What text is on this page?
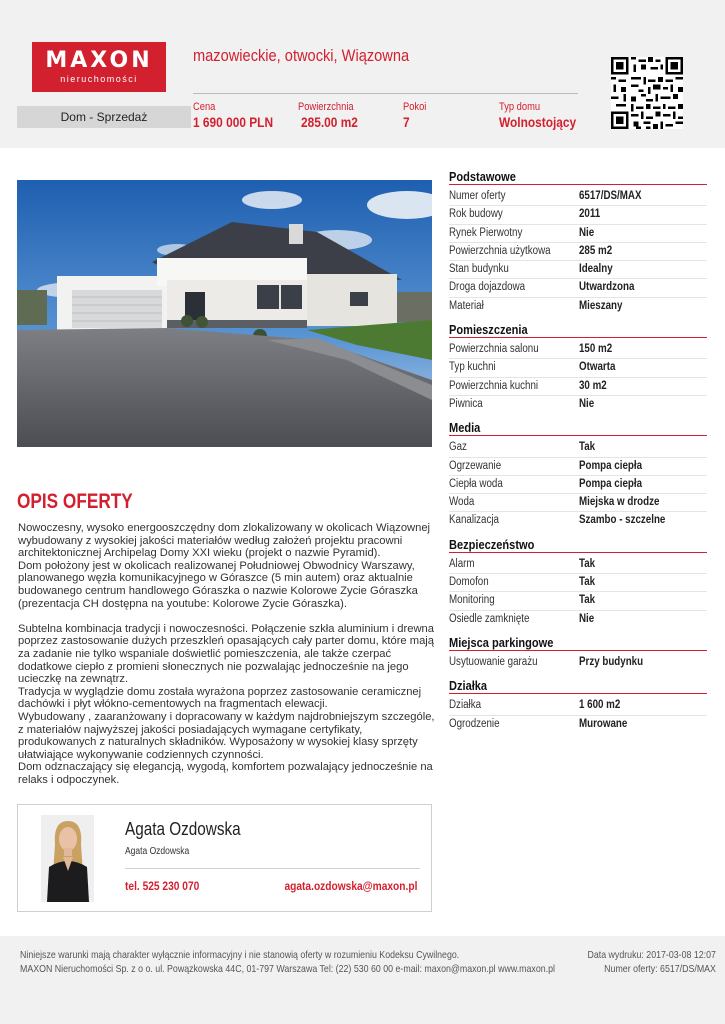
MAXON
nieruchomości
mazowieckie, otwocki, Wiązowna
Dom - Sprzedaż
Cena
1 690 000 PLN
Powierzchnia
285.00 m2
Pokoi
7
Typ domu
Wolnostojący
OPIS OFERTY
Nowoczesny, wysoko energooszczędny dom zlokalizowany w okolicach Wiązownej wybudowany z wysokiej jakości materiałów według założeń projektu pracowni architektonicznej Archipelag Domy XXI wieku (projekt o nazwie Pyramid).
Dom położony jest w okolicach realizowanej Południowej Obwodnicy Warszawy, planowanego węzła komunikacyjnego w Góraszce (5 min autem) oraz aktualnie budowanego centrum handlowego Góraszka o nazwie Kolorowe Zycie Góraszka (prezentacja CH dostępna na youtube: Kolorowe Zycie Góraszka).

Subtelna kombinacja tradycji i nowoczesności. Połączenie szkła aluminium i drewna poprzez zastosowanie dużych przeszkleń opasających cały parter domu, które mają za zadanie nie tylko wspaniale doświetlić pomieszczenia, ale także czerpać dodatkowe ciepło z promieni słonecznych nie pozwalając jednocześnie na jego ucieczkę na zewnątrz.
Tradycja w wyglądzie domu została wyrażona poprzez zastosowanie ceramicznej dachówki i płyt włókno-cementowych na fragmentach elewacji.
Wybudowany , zaaranżowany i dopracowany w każdym najdrobniejszym szczególe, z materiałów najwyższej jakości posiadających wymagane certyfikaty, produkowanych z naturalnych składników. Wyposażony w wysokiej klasy sprzęty ułatwiające wykonywanie codziennych czynności.
Dom odznaczający się elegancją, wygodą, komfortem pozwalający jednocześnie na relaks i odpoczynek.
Agata Ozdowska
Agata Ozdowska
tel. 525 230 070	agata.ozdowska@maxon.pl
Podstawowe
Numer oferty	6517/DS/MAX
Rok budowy	2011
Rynek Pierwotny	Nie
Powierzchnia użytkowa 285 m2
Stan budynku	Idealny
Droga dojazdowa	Utwardzona
Materiał	Mieszany
Pomieszczenia
Powierzchnia salonu	150 m2
Typ kuchni	Otwarta
Powierzchnia kuchni	30 m2
Piwnica	Nie
Media
Gaz	Tak
Ogrzewanie	Pompa ciepła
Ciepła woda	Pompa ciepła
Woda	Miejska w drodze
Kanalizacja	Szambo - szczelne
Bezpieczeństwo
Alarm	Tak
Domofon	Tak
Monitoring	Tak
Osiedle zamknięte	Nie
Miejsca parkingowe
Usytuowanie garażu	Przy budynku
Działka
Działka	1 600 m2
Ogrodzenie	Murowane
Niniejsze warunki mają charakter wyłącznie informacyjny i nie stanowią oferty w rozumieniu Kodeksu Cywilnego.
MAXON Nieruchomości Sp. z o o. ul. Powązkowska 44C, 01-797 Warszawa Tel: (22) 530 60 00 e-mail: maxon@maxon.pl www.maxon.pl
Data wydruku: 2017-03-08 12:07
Numer oferty: 6517/DS/MAX
